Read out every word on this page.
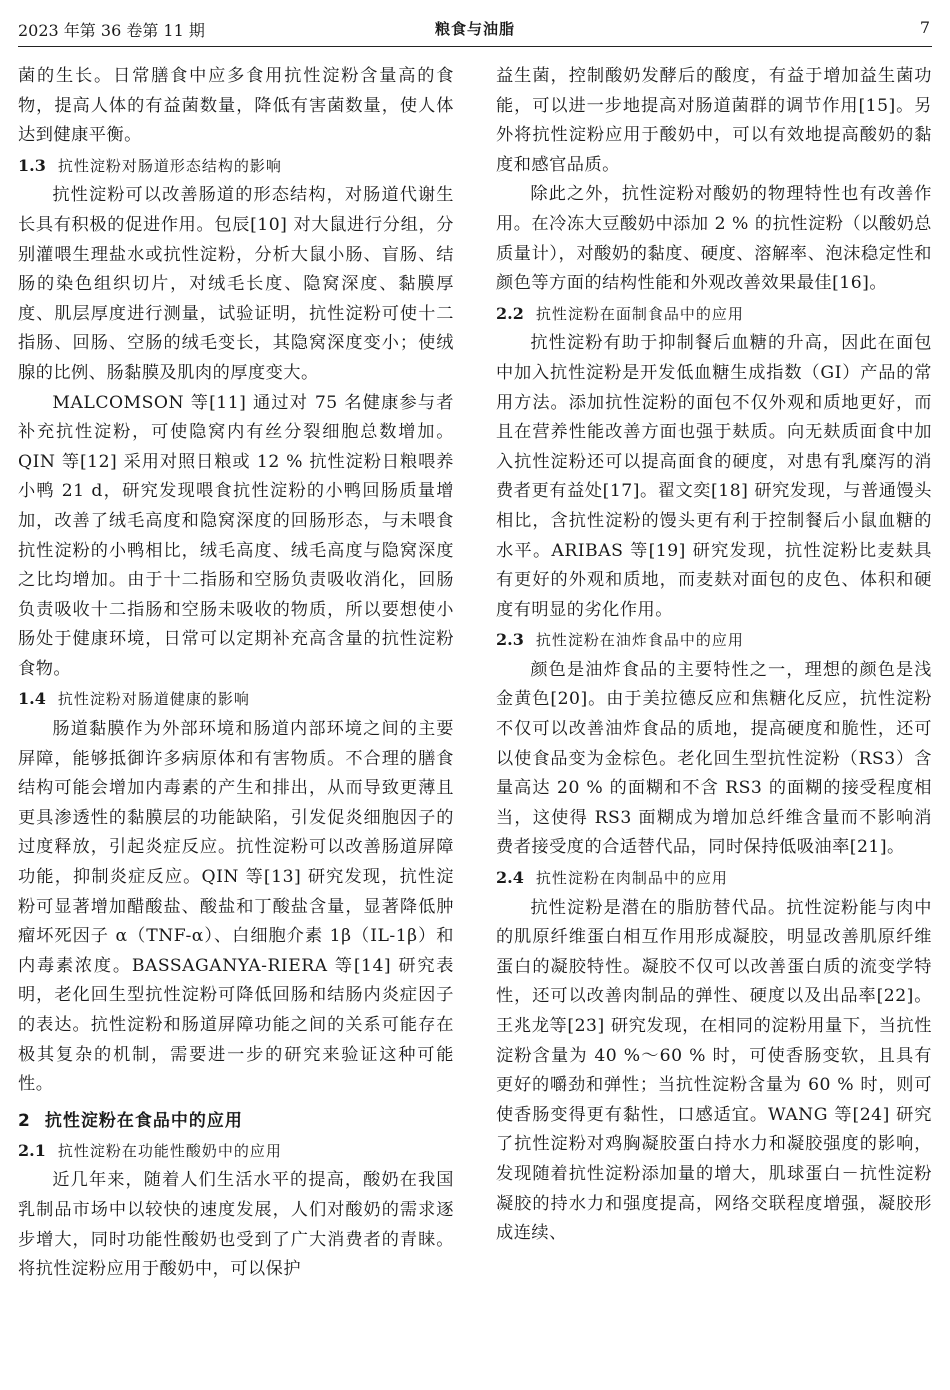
2023 年第 36 卷第 11 期	粮食与油脂	7

菌的生长。日常膳食中应多食用抗性淀粉含量高的食物，提高人体的有益菌数量，降低有害菌数量，使人体达到健康平衡。

1.3 抗性淀粉对肠道形态结构的影响

抗性淀粉可以改善肠道的形态结构，对肠道代谢生长具有积极的促进作用。包辰[10] 对大鼠进行分组，分别灌喂生理盐水或抗性淀粉，分析大鼠小肠、盲肠、结肠的染色组织切片，对绒毛长度、隐窝深度、黏膜厚度、肌层厚度进行测量，试验证明，抗性淀粉可使十二指肠、回肠、空肠的绒毛变长，其隐窝深度变小；使绒腺的比例、肠黏膜及肌肉的厚度变大。

MALCOMSON 等[11] 通过对 75 名健康参与者补充抗性淀粉，可使隐窝内有丝分裂细胞总数增加。QIN 等[12] 采用对照日粮或 12 % 抗性淀粉日粮喂养小鸭 21 d，研究发现喂食抗性淀粉的小鸭回肠质量增加，改善了绒毛高度和隐窝深度的回肠形态，与未喂食抗性淀粉的小鸭相比，绒毛高度、绒毛高度与隐窝深度之比均增加。由于十二指肠和空肠负责吸收消化，回肠负责吸收十二指肠和空肠未吸收的物质，所以要想使小肠处于健康环境，日常可以定期补充高含量的抗性淀粉食物。

1.4 抗性淀粉对肠道健康的影响

肠道黏膜作为外部环境和肠道内部环境之间的主要屏障，能够抵御许多病原体和有害物质。不合理的膳食结构可能会增加内毒素的产生和排出，从而导致更薄且更具渗透性的黏膜层的功能缺陷，引发促炎细胞因子的过度释放，引起炎症反应。抗性淀粉可以改善肠道屏障功能，抑制炎症反应。QIN 等[13] 研究发现，抗性淀粉可显著增加醋酸盐、酸盐和丁酸盐含量，显著降低肿瘤坏死因子 α（TNF-α）、白细胞介素 1β（IL-1β）和内毒素浓度。BASSAGANYA-RIERA 等[14] 研究表明，老化回生型抗性淀粉可降低回肠和结肠内炎症因子的表达。抗性淀粉和肠道屏障功能之间的关系可能存在极其复杂的机制，需要进一步的研究来验证这种可能性。

2 抗性淀粉在食品中的应用
2.1 抗性淀粉在功能性酸奶中的应用

近几年来，随着人们生活水平的提高，酸奶在我国乳制品市场中以较快的速度发展，人们对酸奶的需求逐步增大，同时功能性酸奶也受到了广大消费者的青睐。将抗性淀粉应用于酸奶中，可以保护

益生菌，控制酸奶发酵后的酸度，有益于增加益生菌功能，可以进一步地提高对肠道菌群的调节作用[15]。另外将抗性淀粉应用于酸奶中，可以有效地提高酸奶的黏度和感官品质。

除此之外，抗性淀粉对酸奶的物理特性也有改善作用。在冷冻大豆酸奶中添加 2 % 的抗性淀粉（以酸奶总质量计），对酸奶的黏度、硬度、溶解率、泡沫稳定性和颜色等方面的结构性能和外观改善效果最佳[16]。

2.2 抗性淀粉在面制食品中的应用

抗性淀粉有助于抑制餐后血糖的升高，因此在面包中加入抗性淀粉是开发低血糖生成指数（GI）产品的常用方法。添加抗性淀粉的面包不仅外观和质地更好，而且在营养性能改善方面也强于麸质。向无麸质面食中加入抗性淀粉还可以提高面食的硬度，对患有乳糜泻的消费者更有益处[17]。翟文奕[18] 研究发现，与普通馒头相比，含抗性淀粉的馒头更有利于控制餐后小鼠血糖的水平。ARIBAS 等[19] 研究发现，抗性淀粉比麦麸具有更好的外观和质地，而麦麸对面包的皮色、体积和硬度有明显的劣化作用。

2.3 抗性淀粉在油炸食品中的应用

颜色是油炸食品的主要特性之一，理想的颜色是浅金黄色[20]。由于美拉德反应和焦糖化反应，抗性淀粉不仅可以改善油炸食品的质地，提高硬度和脆性，还可以使食品变为金棕色。老化回生型抗性淀粉（RS3）含量高达 20 % 的面糊和不含 RS3 的面糊的接受程度相当，这使得 RS3 面糊成为增加总纤维含量而不影响消费者接受度的合适替代品，同时保持低吸油率[21]。

2.4 抗性淀粉在肉制品中的应用

抗性淀粉是潜在的脂肪替代品。抗性淀粉能与肉中的肌原纤维蛋白相互作用形成凝胶，明显改善肌原纤维蛋白的凝胶特性。凝胶不仅可以改善蛋白质的流变学特性，还可以改善肉制品的弹性、硬度以及出品率[22]。王兆龙等[23] 研究发现，在相同的淀粉用量下，当抗性淀粉含量为 40 %～60 % 时，可使香肠变软，且具有更好的嚼劲和弹性；当抗性淀粉含量为 60 % 时，则可使香肠变得更有黏性，口感适宜。WANG 等[24] 研究了抗性淀粉对鸡胸凝胶蛋白持水力和凝胶强度的影响，发现随着抗性淀粉添加量的增大，肌球蛋白－抗性淀粉凝胶的持水力和强度提高，网络交联程度增强，凝胶形成连续、
